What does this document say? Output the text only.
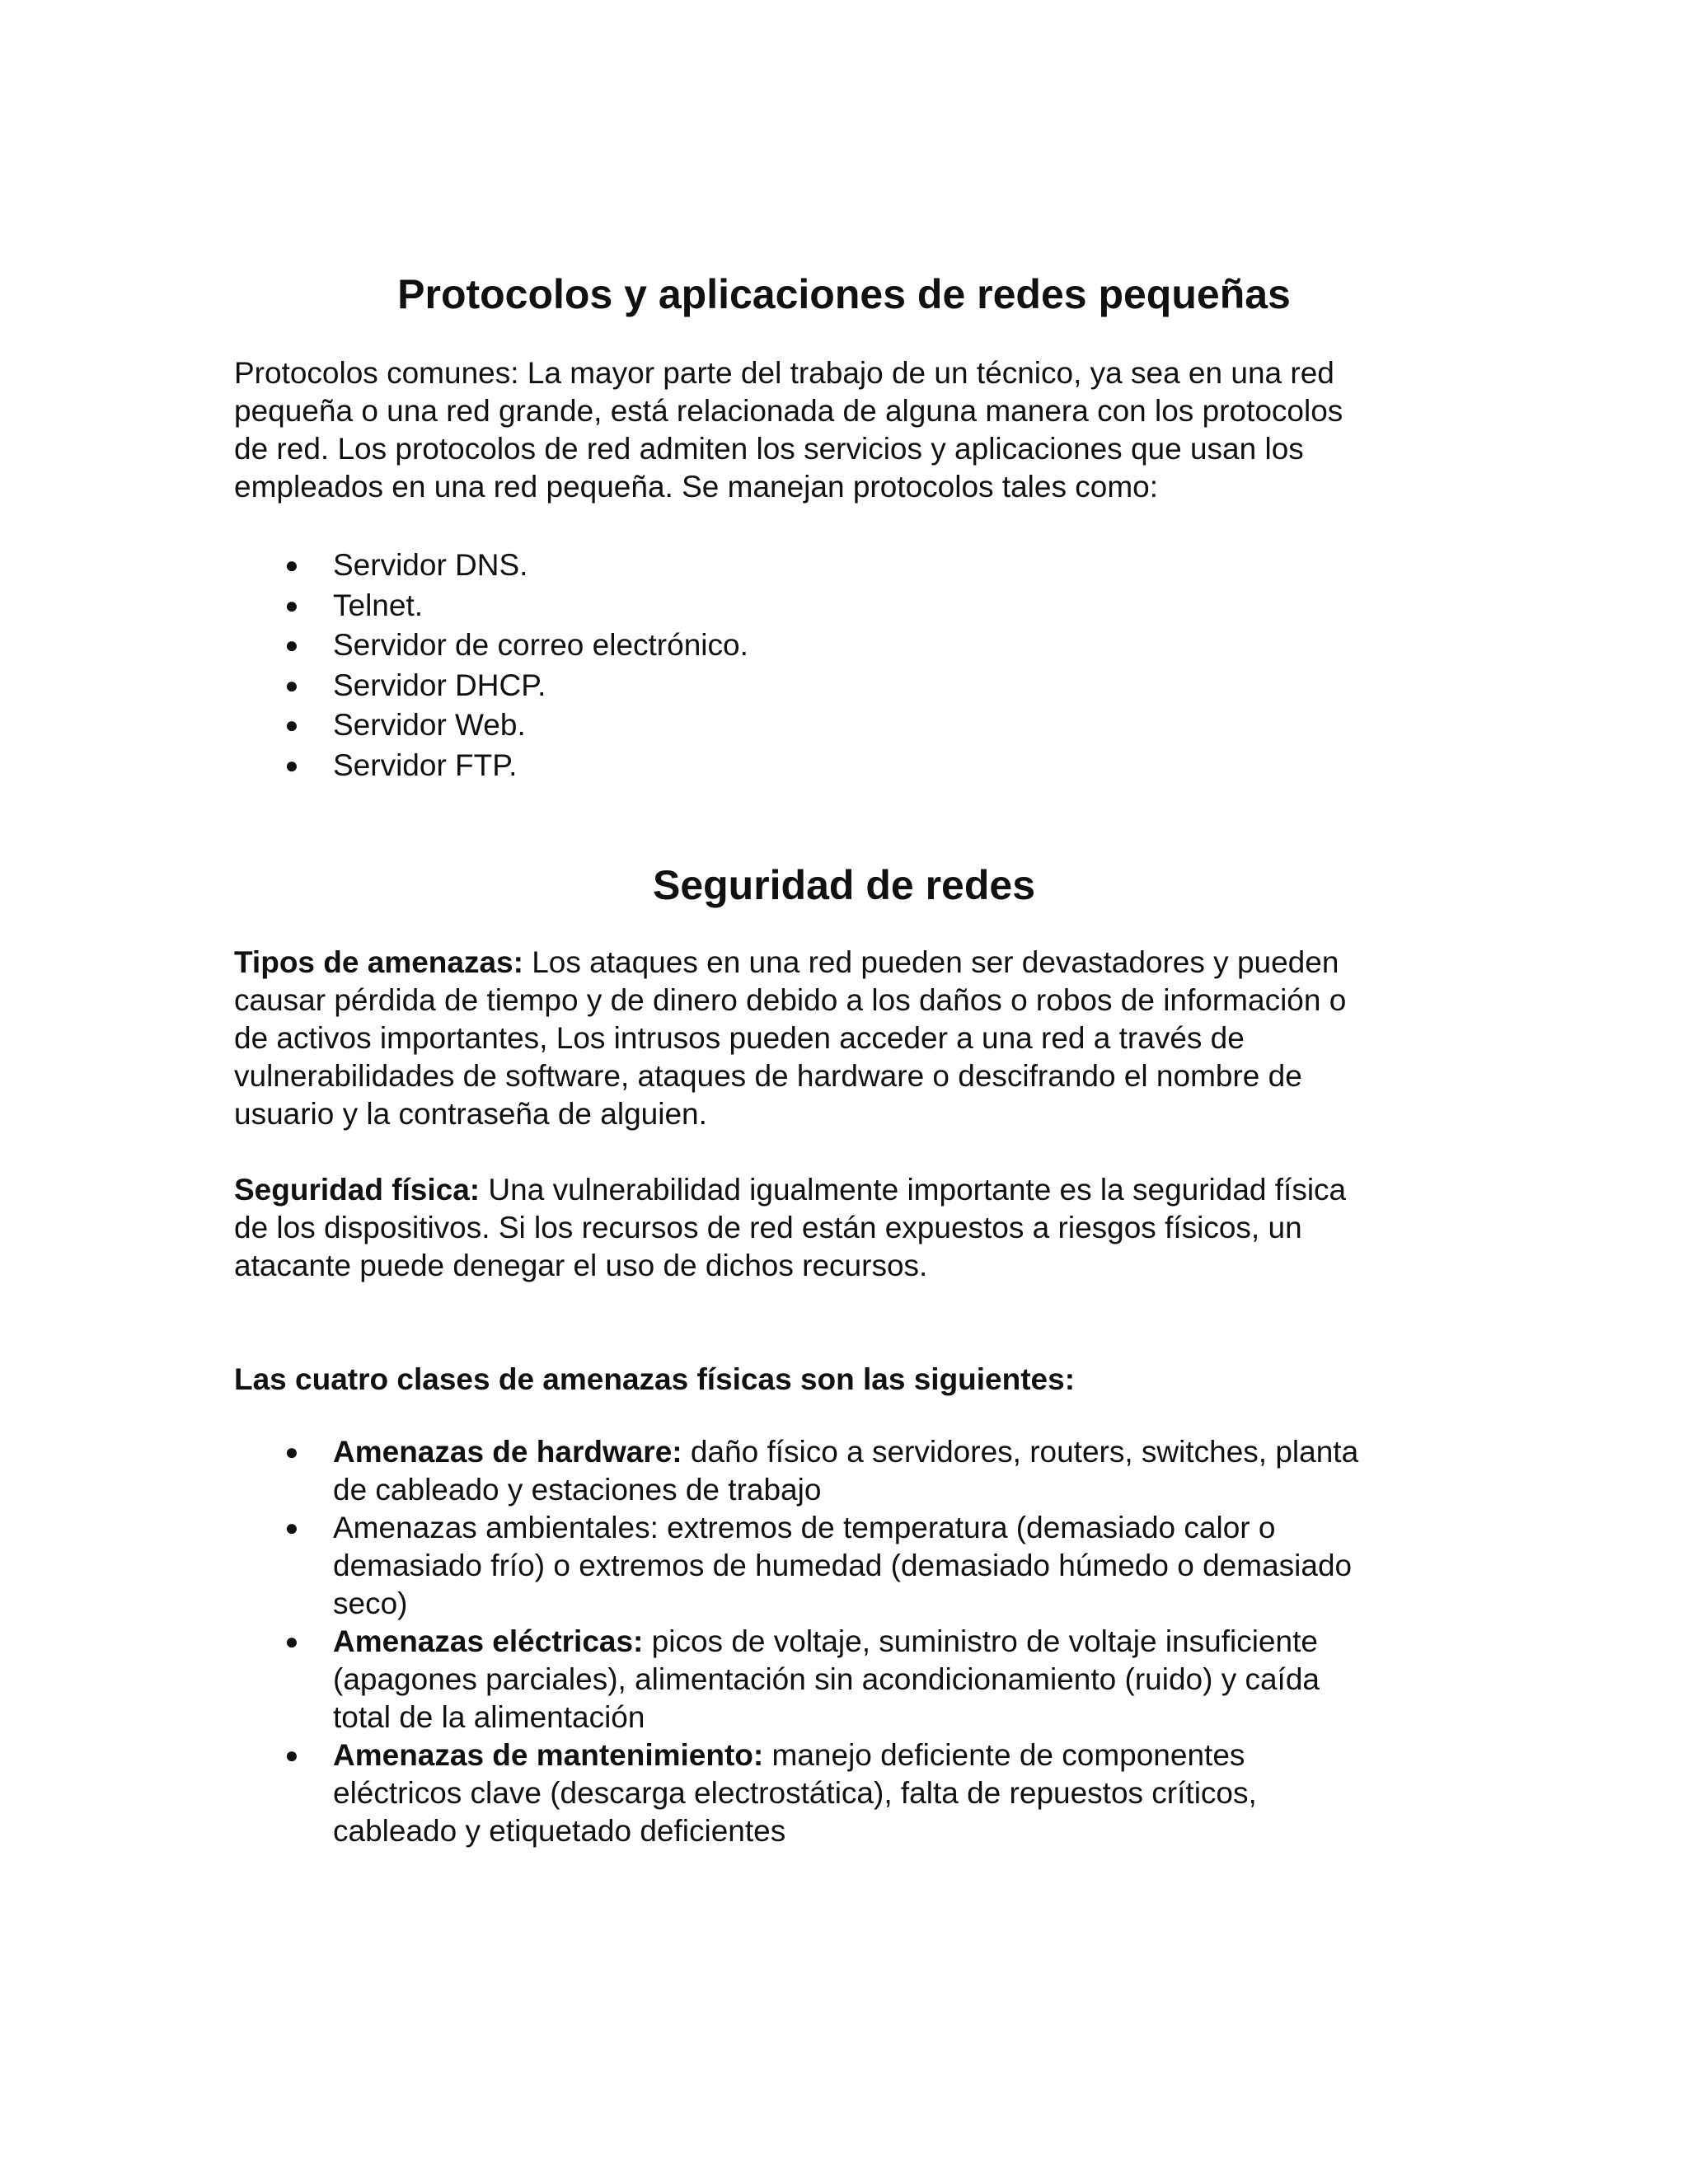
Protocolos y aplicaciones de redes pequeñas
Protocolos comunes: La mayor parte del trabajo de un técnico, ya sea en una red
pequeña o una red grande, está relacionada de alguna manera con los protocolos
de red. Los protocolos de red admiten los servicios y aplicaciones que usan los
empleados en una red pequeña. Se manejan protocolos tales como:
● Servidor DNS.
● Telnet.
● Servidor de correo electrónico.
● Servidor DHCP.
● Servidor Web.
● Servidor FTP.
Seguridad de redes
Tipos de amenazas: Los ataques en una red pueden ser devastadores y pueden
causar pérdida de tiempo y de dinero debido a los daños o robos de información o
de activos importantes, Los intrusos pueden acceder a una red a través de
vulnerabilidades de software, ataques de hardware o descifrando el nombre de
usuario y la contraseña de alguien.
Seguridad física: Una vulnerabilidad igualmente importante es la seguridad física
de los dispositivos. Si los recursos de red están expuestos a riesgos físicos, un
atacante puede denegar el uso de dichos recursos.
Las cuatro clases de amenazas físicas son las siguientes:
● Amenazas de hardware: daño físico a servidores, routers, switches, planta
de cableado y estaciones de trabajo
● Amenazas ambientales: extremos de temperatura (demasiado calor o
demasiado frío) o extremos de humedad (demasiado húmedo o demasiado
seco)
● Amenazas eléctricas: picos de voltaje, suministro de voltaje insuficiente
(apagones parciales), alimentación sin acondicionamiento (ruido) y caída
total de la alimentación
● Amenazas de mantenimiento: manejo deficiente de componentes
eléctricos clave (descarga electrostática), falta de repuestos críticos,
cableado y etiquetado deficientes
